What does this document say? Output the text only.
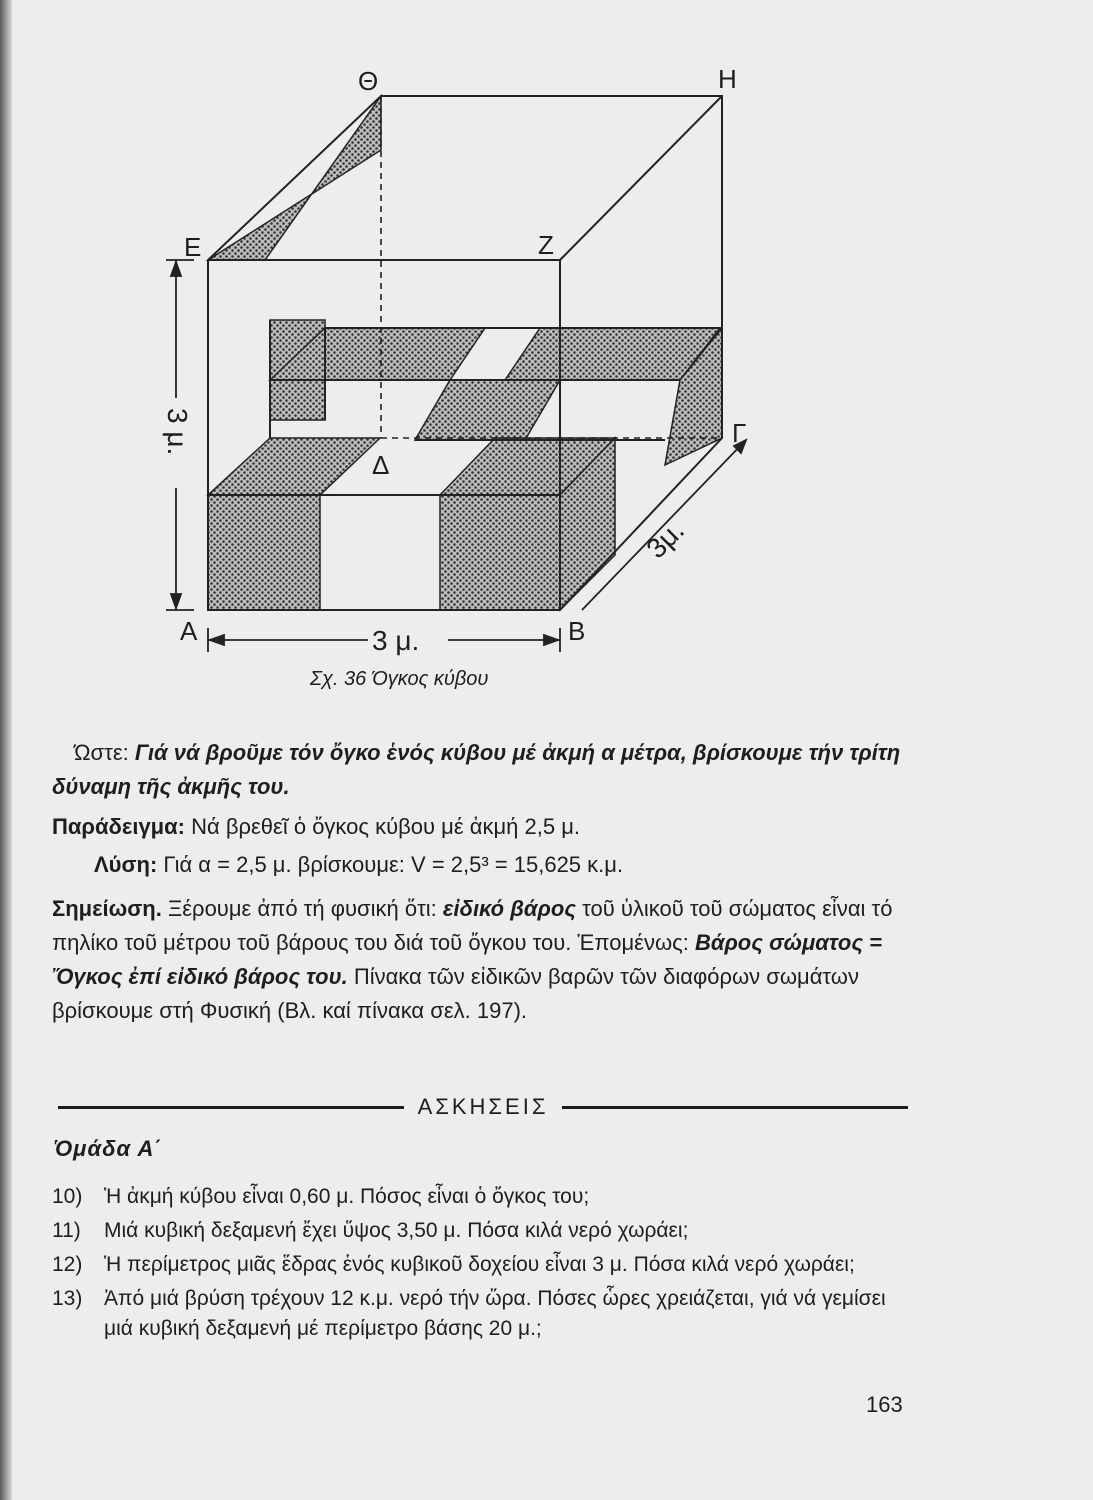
Θ	Η
Ε	Ζ
Δ
Γ
Α	Β
3 μ.
3 μ.
3μ.
Σχ. 36 Όγκος κύβου
Ώστε: Γιά νά βροῦμε τόν ὄγκο ἑνός κύβου μέ ἀκμή α μέτρα, βρίσκουμε τήν τρίτη δύναμη τῆς ἀκμῆς του.
Παράδειγμα: Νά βρεθεῖ ὁ ὄγκος κύβου μέ ἀκμή 2,5 μ.
Λύση: Γιά α = 2,5 μ. βρίσκουμε: V = 2,5³ = 15,625 κ.μ.
Σημείωση. Ξέρουμε ἀπό τή φυσική ὅτι: εἰδικό βάρος τοῦ ὑλικοῦ τοῦ σώματος εἶναι τό πηλίκο τοῦ μέτρου τοῦ βάρους του διά τοῦ ὄγκου του. Ἑπομένως: Βάρος σώματος = Ὄγκος ἐπί εἰδικό βάρος του. Πίνακα τῶν εἰδικῶν βαρῶν τῶν διαφόρων σωμάτων βρίσκουμε στή Φυσική (Βλ. καί πίνακα σελ. 197).
ΑΣΚΗΣΕΙΣ
Ὁμάδα Α΄
10)	Ἡ ἀκμή κύβου εἶναι 0,60 μ. Πόσος εἶναι ὁ ὄγκος του;
11)	Μιά κυβική δεξαμενή ἔχει ὕψος 3,50 μ. Πόσα κιλά νερό χωράει;
12)	Ἡ περίμετρος μιᾶς ἕδρας ἑνός κυβικοῦ δοχείου εἶναι 3 μ. Πόσα κιλά νερό χωράει;
13)	Ἀπό μιά βρύση τρέχουν 12 κ.μ. νερό τήν ὥρα. Πόσες ὧρες χρειάζεται, γιά νά γεμίσει μιά κυβική δεξαμενή μέ περίμετρο βάσης 20 μ.;
163
